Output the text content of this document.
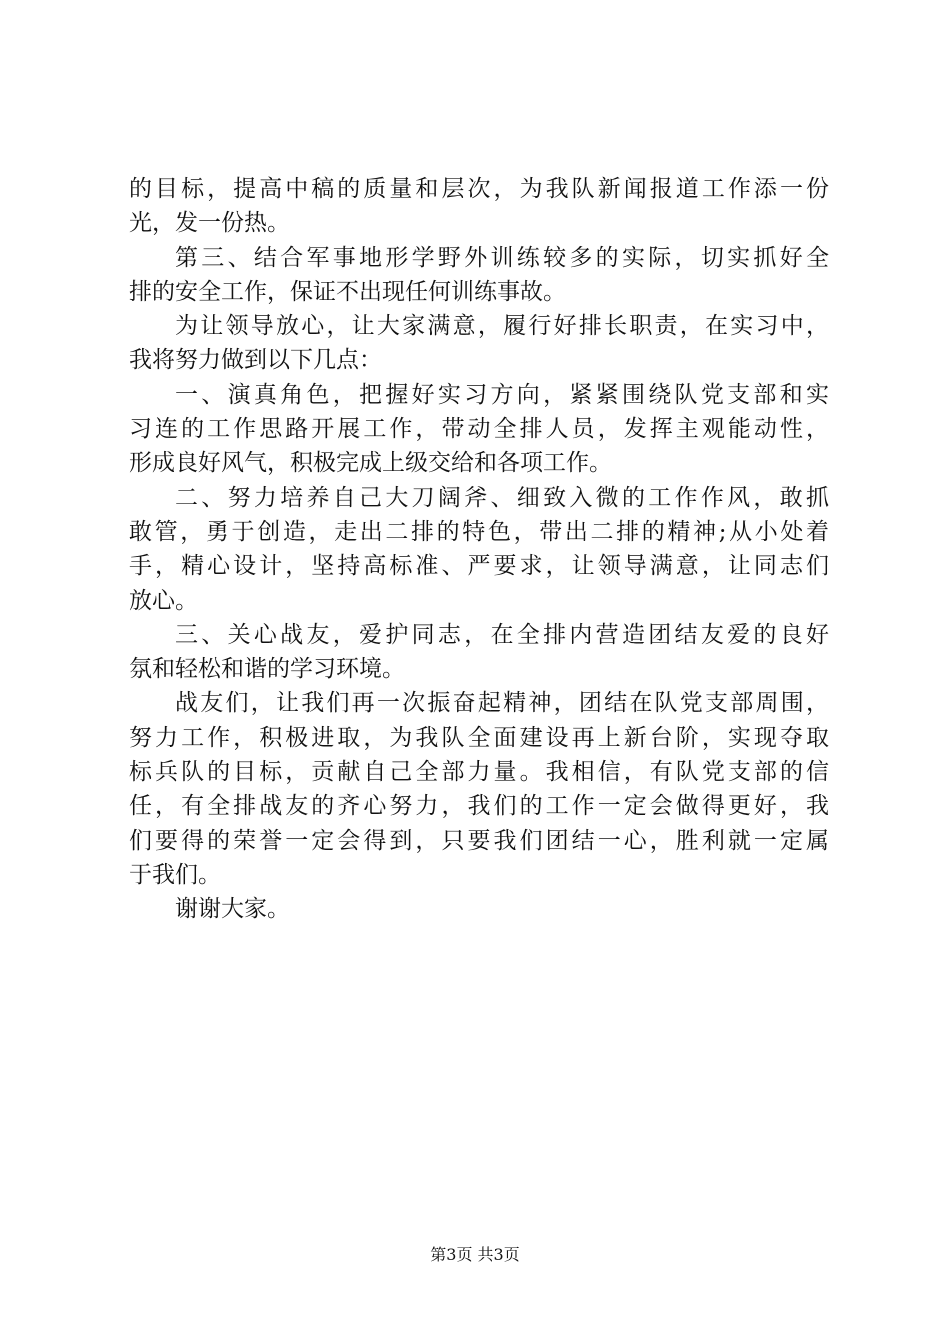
的目标，提高中稿的质量和层次，为我队新闻报道工作添一份
光，发一份热。
第三、结合军事地形学野外训练较多的实际，切实抓好全
排的安全工作，保证不出现任何训练事故。
为让领导放心，让大家满意，履行好排长职责，在实习中，
我将努力做到以下几点：
一、演真角色，把握好实习方向，紧紧围绕队党支部和实
习连的工作思路开展工作，带动全排人员，发挥主观能动性，
形成良好风气，积极完成上级交给和各项工作。
二、努力培养自己大刀阔斧、细致入微的工作作风，敢抓
敢管，勇于创造，走出二排的特色，带出二排的精神;从小处着
手，精心设计，坚持高标准、严要求，让领导满意，让同志们
放心。
三、关心战友，爱护同志，在全排内营造团结友爱的良好
氛和轻松和谐的学习环境。
战友们，让我们再一次振奋起精神，团结在队党支部周围，
努力工作，积极进取，为我队全面建设再上新台阶，实现夺取
标兵队的目标，贡献自己全部力量。我相信，有队党支部的信
任，有全排战友的齐心努力，我们的工作一定会做得更好，我
们要得的荣誉一定会得到，只要我们团结一心，胜利就一定属
于我们。
谢谢大家。
第3页 共3页
